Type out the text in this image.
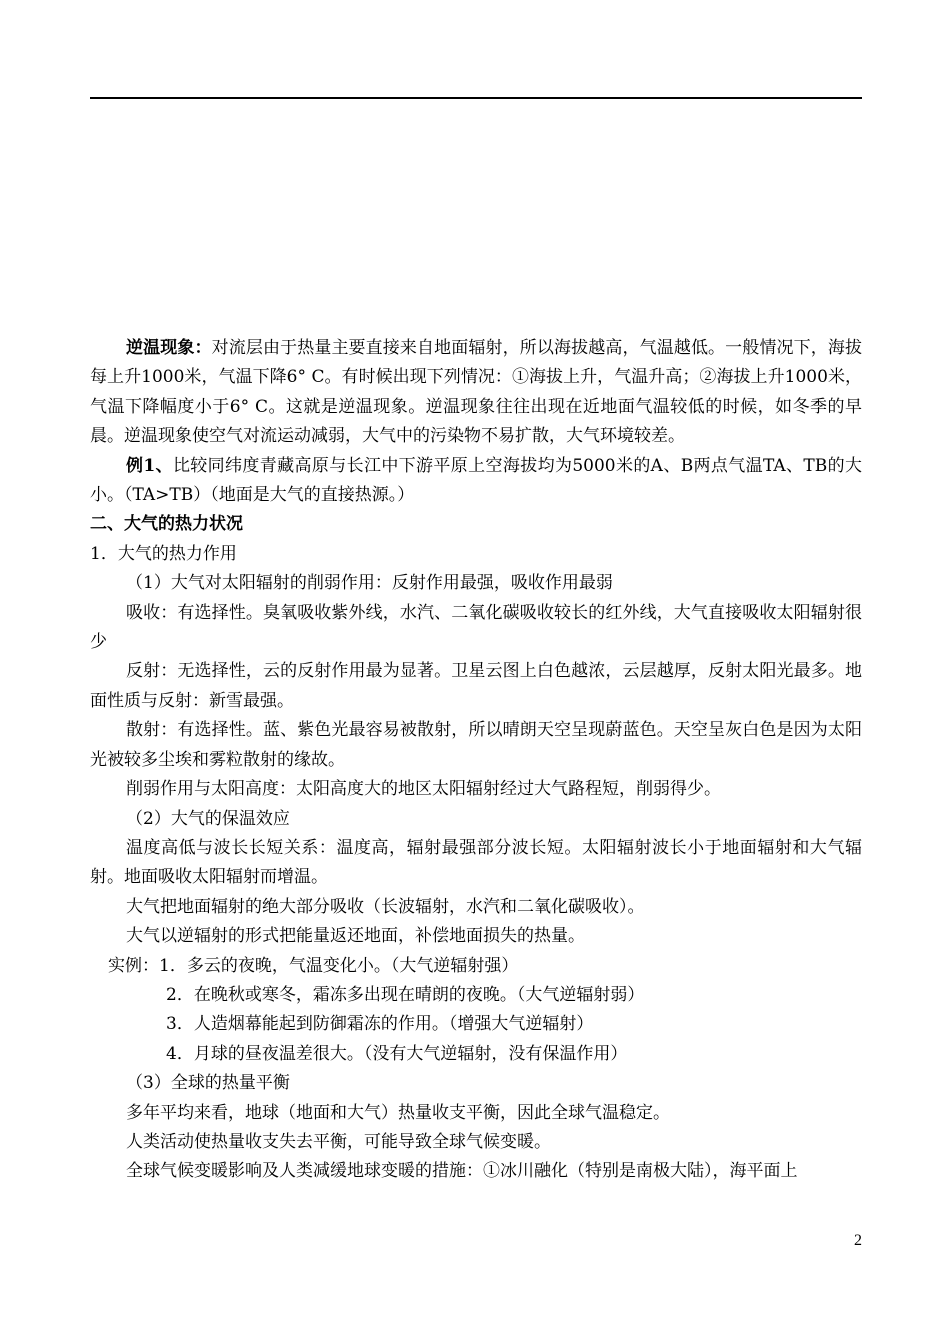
逆温现象：对流层由于热量主要直接来自地面辐射，所以海拔越高，气温越低。一般情况下，海拔每上升1000米，气温下降6° C。有时候出现下列情况：①海拔上升，气温升高；②海拔上升1000米，气温下降幅度小于6° C。这就是逆温现象。逆温现象往往出现在近地面气温较低的时候，如冬季的早晨。逆温现象使空气对流运动减弱，大气中的污染物不易扩散，大气环境较差。

例1、比较同纬度青藏高原与长江中下游平原上空海拔均为5000米的A、B两点气温TA、TB的大小。（TA>TB）（地面是大气的直接热源。）

二、大气的热力状况

1．大气的热力作用

（1）大气对太阳辐射的削弱作用：反射作用最强，吸收作用最弱

吸收：有选择性。臭氧吸收紫外线，水汽、二氧化碳吸收较长的红外线，大气直接吸收太阳辐射很少

反射：无选择性，云的反射作用最为显著。卫星云图上白色越浓，云层越厚，反射太阳光最多。地面性质与反射：新雪最强。

散射：有选择性。蓝、紫色光最容易被散射，所以晴朗天空呈现蔚蓝色。天空呈灰白色是因为太阳光被较多尘埃和雾粒散射的缘故。

削弱作用与太阳高度：太阳高度大的地区太阳辐射经过大气路程短，削弱得少。

（2）大气的保温效应

温度高低与波长长短关系：温度高，辐射最强部分波长短。太阳辐射波长小于地面辐射和大气辐射。地面吸收太阳辐射而增温。

大气把地面辐射的绝大部分吸收（长波辐射，水汽和二氧化碳吸收）。

大气以逆辐射的形式把能量返还地面，补偿地面损失的热量。

实例：1．多云的夜晚，气温变化小。（大气逆辐射强）

2．在晚秋或寒冬，霜冻多出现在晴朗的夜晚。（大气逆辐射弱）

3．人造烟幕能起到防御霜冻的作用。（增强大气逆辐射）

4．月球的昼夜温差很大。（没有大气逆辐射，没有保温作用）

（3）全球的热量平衡

多年平均来看，地球（地面和大气）热量收支平衡，因此全球气温稳定。

人类活动使热量收支失去平衡，可能导致全球气候变暖。

全球气候变暖影响及人类减缓地球变暖的措施：①冰川融化（特别是南极大陆），海平面上

2
